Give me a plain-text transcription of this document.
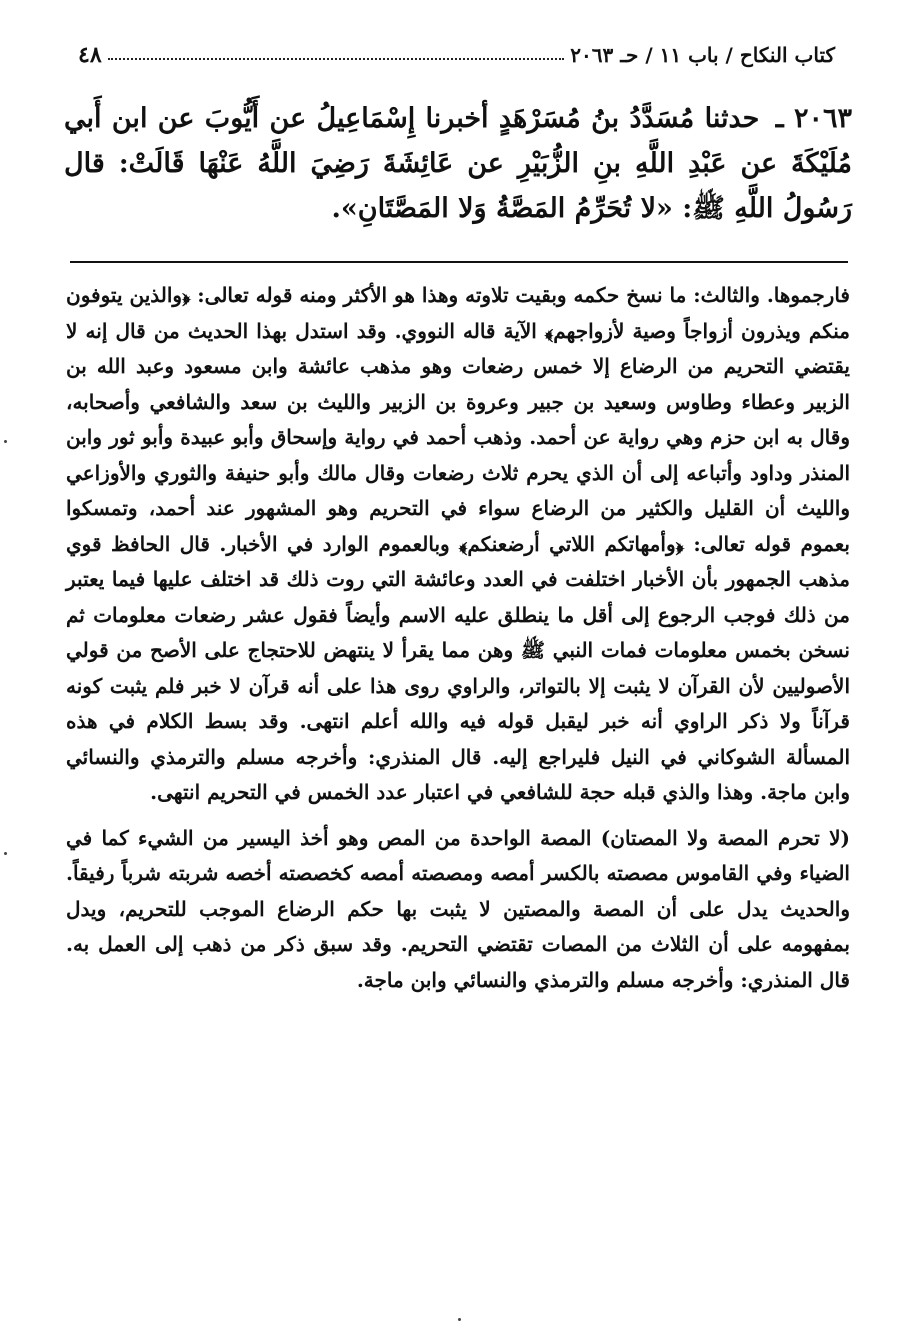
٤٨	كتاب النكاح / باب ١١ / حـ ٢٠٦٣
٢٠٦٣ ـ حدثنا مُسَدَّدُ بنُ مُسَرْهَدٍ أخبرنا إِسْمَاعِيلُ عن أَيُّوبَ عن ابن أَبي مُلَيْكَةَ عن عَبْدِ اللَّهِ بنِ الزُّبَيْرِ عن عَائِشَةَ رَضِيَ اللَّهُ عَنْهَا قَالَتْ: قال رَسُولُ اللَّهِ ﷺ: «لا تُحَرِّمُ المَصَّةُ وَلا المَصَّتَانِ».

فارجموها. والثالث: ما نسخ حكمه وبقيت تلاوته وهذا هو الأكثر ومنه قوله تعالى: ﴿والذين يتوفون منكم ويذرون أزواجاً وصية لأزواجهم﴾ الآية قاله النووي. وقد استدل بهذا الحديث من قال إنه لا يقتضي التحريم من الرضاع إلا خمس رضعات وهو مذهب عائشة وابن مسعود وعبد الله بن الزبير وعطاء وطاوس وسعيد بن جبير وعروة بن الزبير والليث بن سعد والشافعي وأصحابه، وقال به ابن حزم وهي رواية عن أحمد. وذهب أحمد في رواية وإسحاق وأبو عبيدة وأبو ثور وابن المنذر وداود وأتباعه إلى أن الذي يحرم ثلاث رضعات وقال مالك وأبو حنيفة والثوري والأوزاعي والليث أن القليل والكثير من الرضاع سواء في التحريم وهو المشهور عند أحمد، وتمسكوا بعموم قوله تعالى: ﴿وأمهاتكم اللاتي أرضعنكم﴾ وبالعموم الوارد في الأخبار. قال الحافظ قوي مذهب الجمهور بأن الأخبار اختلفت في العدد وعائشة التي روت ذلك قد اختلف عليها فيما يعتبر من ذلك فوجب الرجوع إلى أقل ما ينطلق عليه الاسم وأيضاً فقول عشر رضعات معلومات ثم نسخن بخمس معلومات فمات النبي ﷺ وهن مما يقرأ لا ينتهض للاحتجاج على الأصح من قولي الأصوليين لأن القرآن لا يثبت إلا بالتواتر، والراوي روى هذا على أنه قرآن لا خبر فلم يثبت كونه قرآناً ولا ذكر الراوي أنه خبر ليقبل قوله فيه والله أعلم انتهى. وقد بسط الكلام في هذه المسألة الشوكاني في النيل فليراجع إليه. قال المنذري: وأخرجه مسلم والترمذي والنسائي وابن ماجة. وهذا والذي قبله حجة للشافعي في اعتبار عدد الخمس في التحريم انتهى.

(لا تحرم المصة ولا المصتان) المصة الواحدة من المص وهو أخذ اليسير من الشيء كما في الضياء وفي القاموس مصصته بالكسر أمصه ومصصته أمصه كخصصته أخصه شربته شرباً رفيقاً. والحديث يدل على أن المصة والمصتين لا يثبت بها حكم الرضاع الموجب للتحريم، ويدل بمفهومه على أن الثلاث من المصات تقتضي التحريم. وقد سبق ذكر من ذهب إلى العمل به. قال المنذري: وأخرجه مسلم والترمذي والنسائي وابن ماجة.
